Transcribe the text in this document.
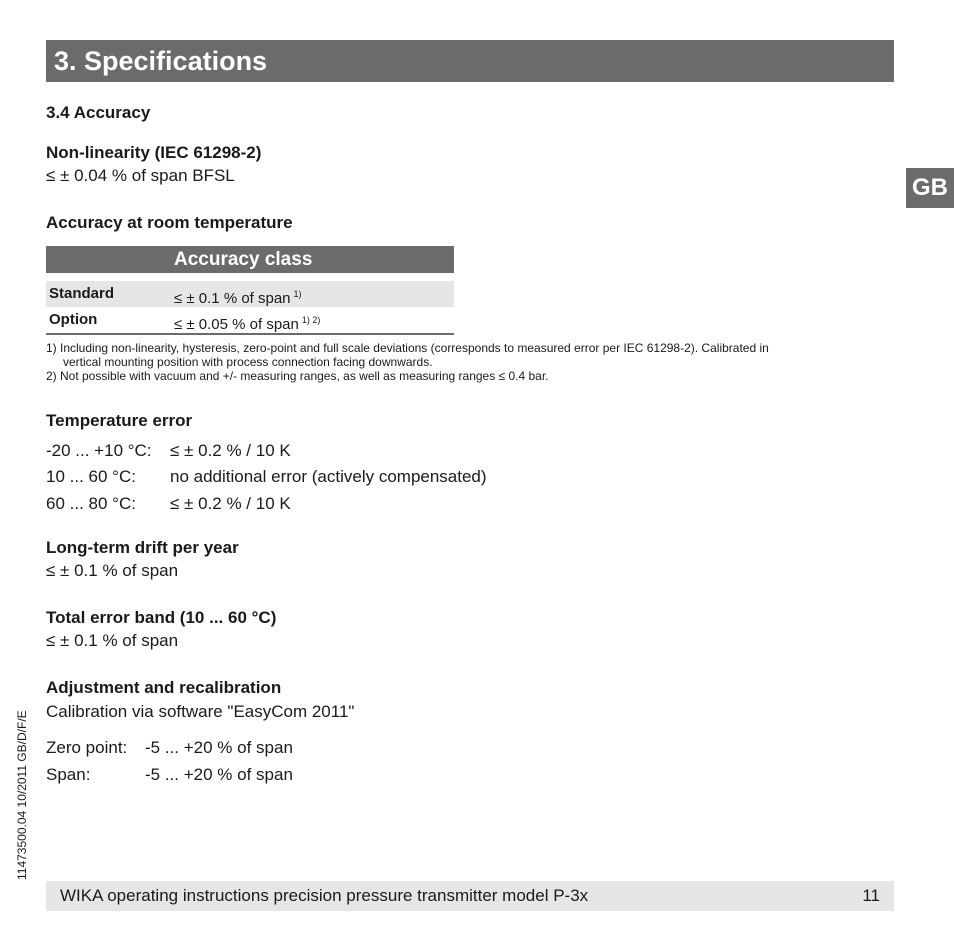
3. Specifications
GB
3.4 Accuracy
Non-linearity (IEC 61298-2)
≤ ± 0.04 % of span BFSL
Accuracy at room temperature
Accuracy class
Standard	≤ ± 0.1 % of span $^{1)}$
Option	≤ ± 0.05 % of span $^{1) 2)}$
1) Including non-linearity, hysteresis, zero-point and full scale deviations (corresponds to measured error per IEC 61298-2). Calibrated in
vertical mounting position with process connection facing downwards.
2) Not possible with vacuum and +/- measuring ranges, as well as measuring ranges ≤ 0.4 bar.
Temperature error
-20 ... +10 °C: ≤ ± 0.2 % / 10 K
10 ... 60 °C: no additional error (actively compensated)
60 ... 80 °C: ≤ ± 0.2 % / 10 K
Long-term drift per year
≤ ± 0.1 % of span
Total error band (10 ... 60 °C)
≤ ± 0.1 % of span
Adjustment and recalibration
Calibration via software "EasyCom 2011"
Zero point: -5 ... +20 % of span
Span:	-5 ... +20 % of span
11473500.04 10/2011 GB/D/F/E
WIKA operating instructions precision pressure transmitter model P-3x	11
